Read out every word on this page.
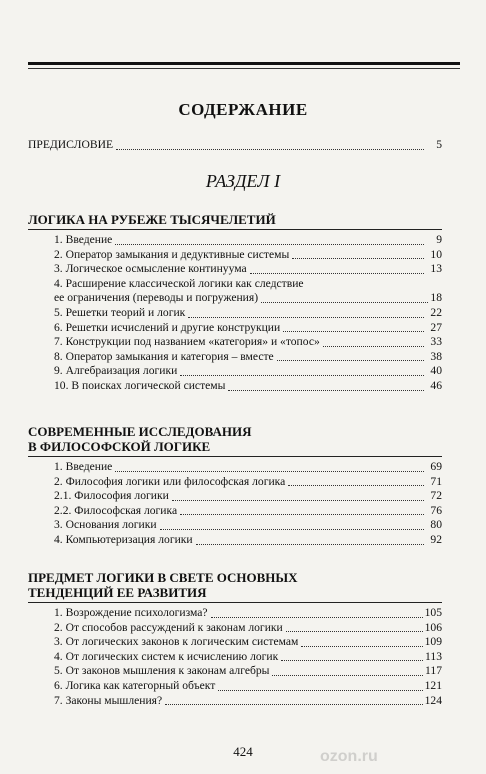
СОДЕРЖАНИЕ
ПРЕДИСЛОВИЕ	5
РАЗДЕЛ I
ЛОГИКА НА РУБЕЖЕ ТЫСЯЧЕЛЕТИЙ
1. Введение	9
2. Оператор замыкания и дедуктивные системы	10
3. Логическое осмысление континуума	13
4. Расширение классической логики как следствие
ее ограничения (переводы и погружения)	18
5. Решетки теорий и логик	22
6. Решетки исчислений и другие конструкции	27
7. Конструкции под названием «категория» и «топос»	33
8. Оператор замыкания и категория – вместе	38
9. Алгебраизация логики	40
10. В поисках логической системы	46
СОВРЕМЕННЫЕ ИССЛЕДОВАНИЯ
В ФИЛОСОФСКОЙ ЛОГИКЕ
1. Введение	69
2. Философия логики или философская логика	71
2.1. Философия логики	72
2.2. Философская логика	76
3. Основания логики	80
4. Компьютеризация логики	92
ПРЕДМЕТ ЛОГИКИ В СВЕТЕ ОСНОВНЫХ
ТЕНДЕНЦИЙ ЕЕ РАЗВИТИЯ
1. Возрождение психологизма?	105
2. От способов рассуждений к законам логики	106
3. От логических законов к логическим системам	109
4. От логических систем к исчислению логик	113
5. От законов мышления к законам алгебры	117
6. Логика как категорный объект	121
7. Законы мышления?	124
424	ozon.ru
